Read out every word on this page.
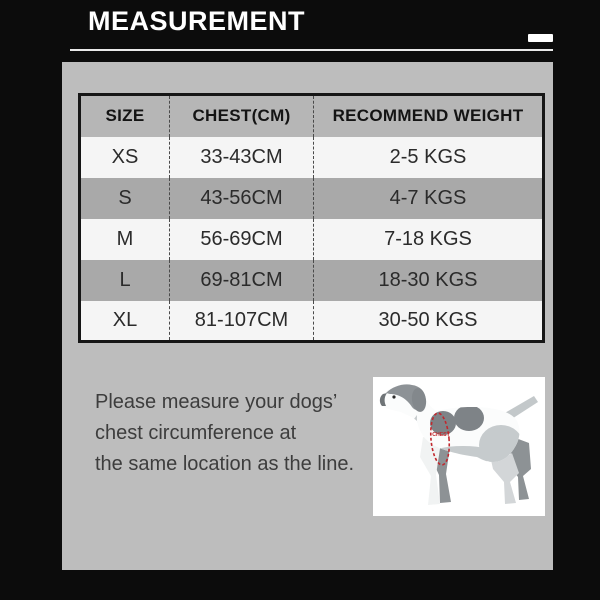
MEASUREMENT
SIZE	CHEST(CM)	RECOMMEND WEIGHT
XS	33-43CM	2-5 KGS
S	43-56CM	4-7 KGS
M	56-69CM	7-18 KGS
L	69-81CM	18-30 KGS
XL	81-107CM	30-50 KGS
Please measure your dogs’
chest circumference at
the same location as the line.
CHEST
